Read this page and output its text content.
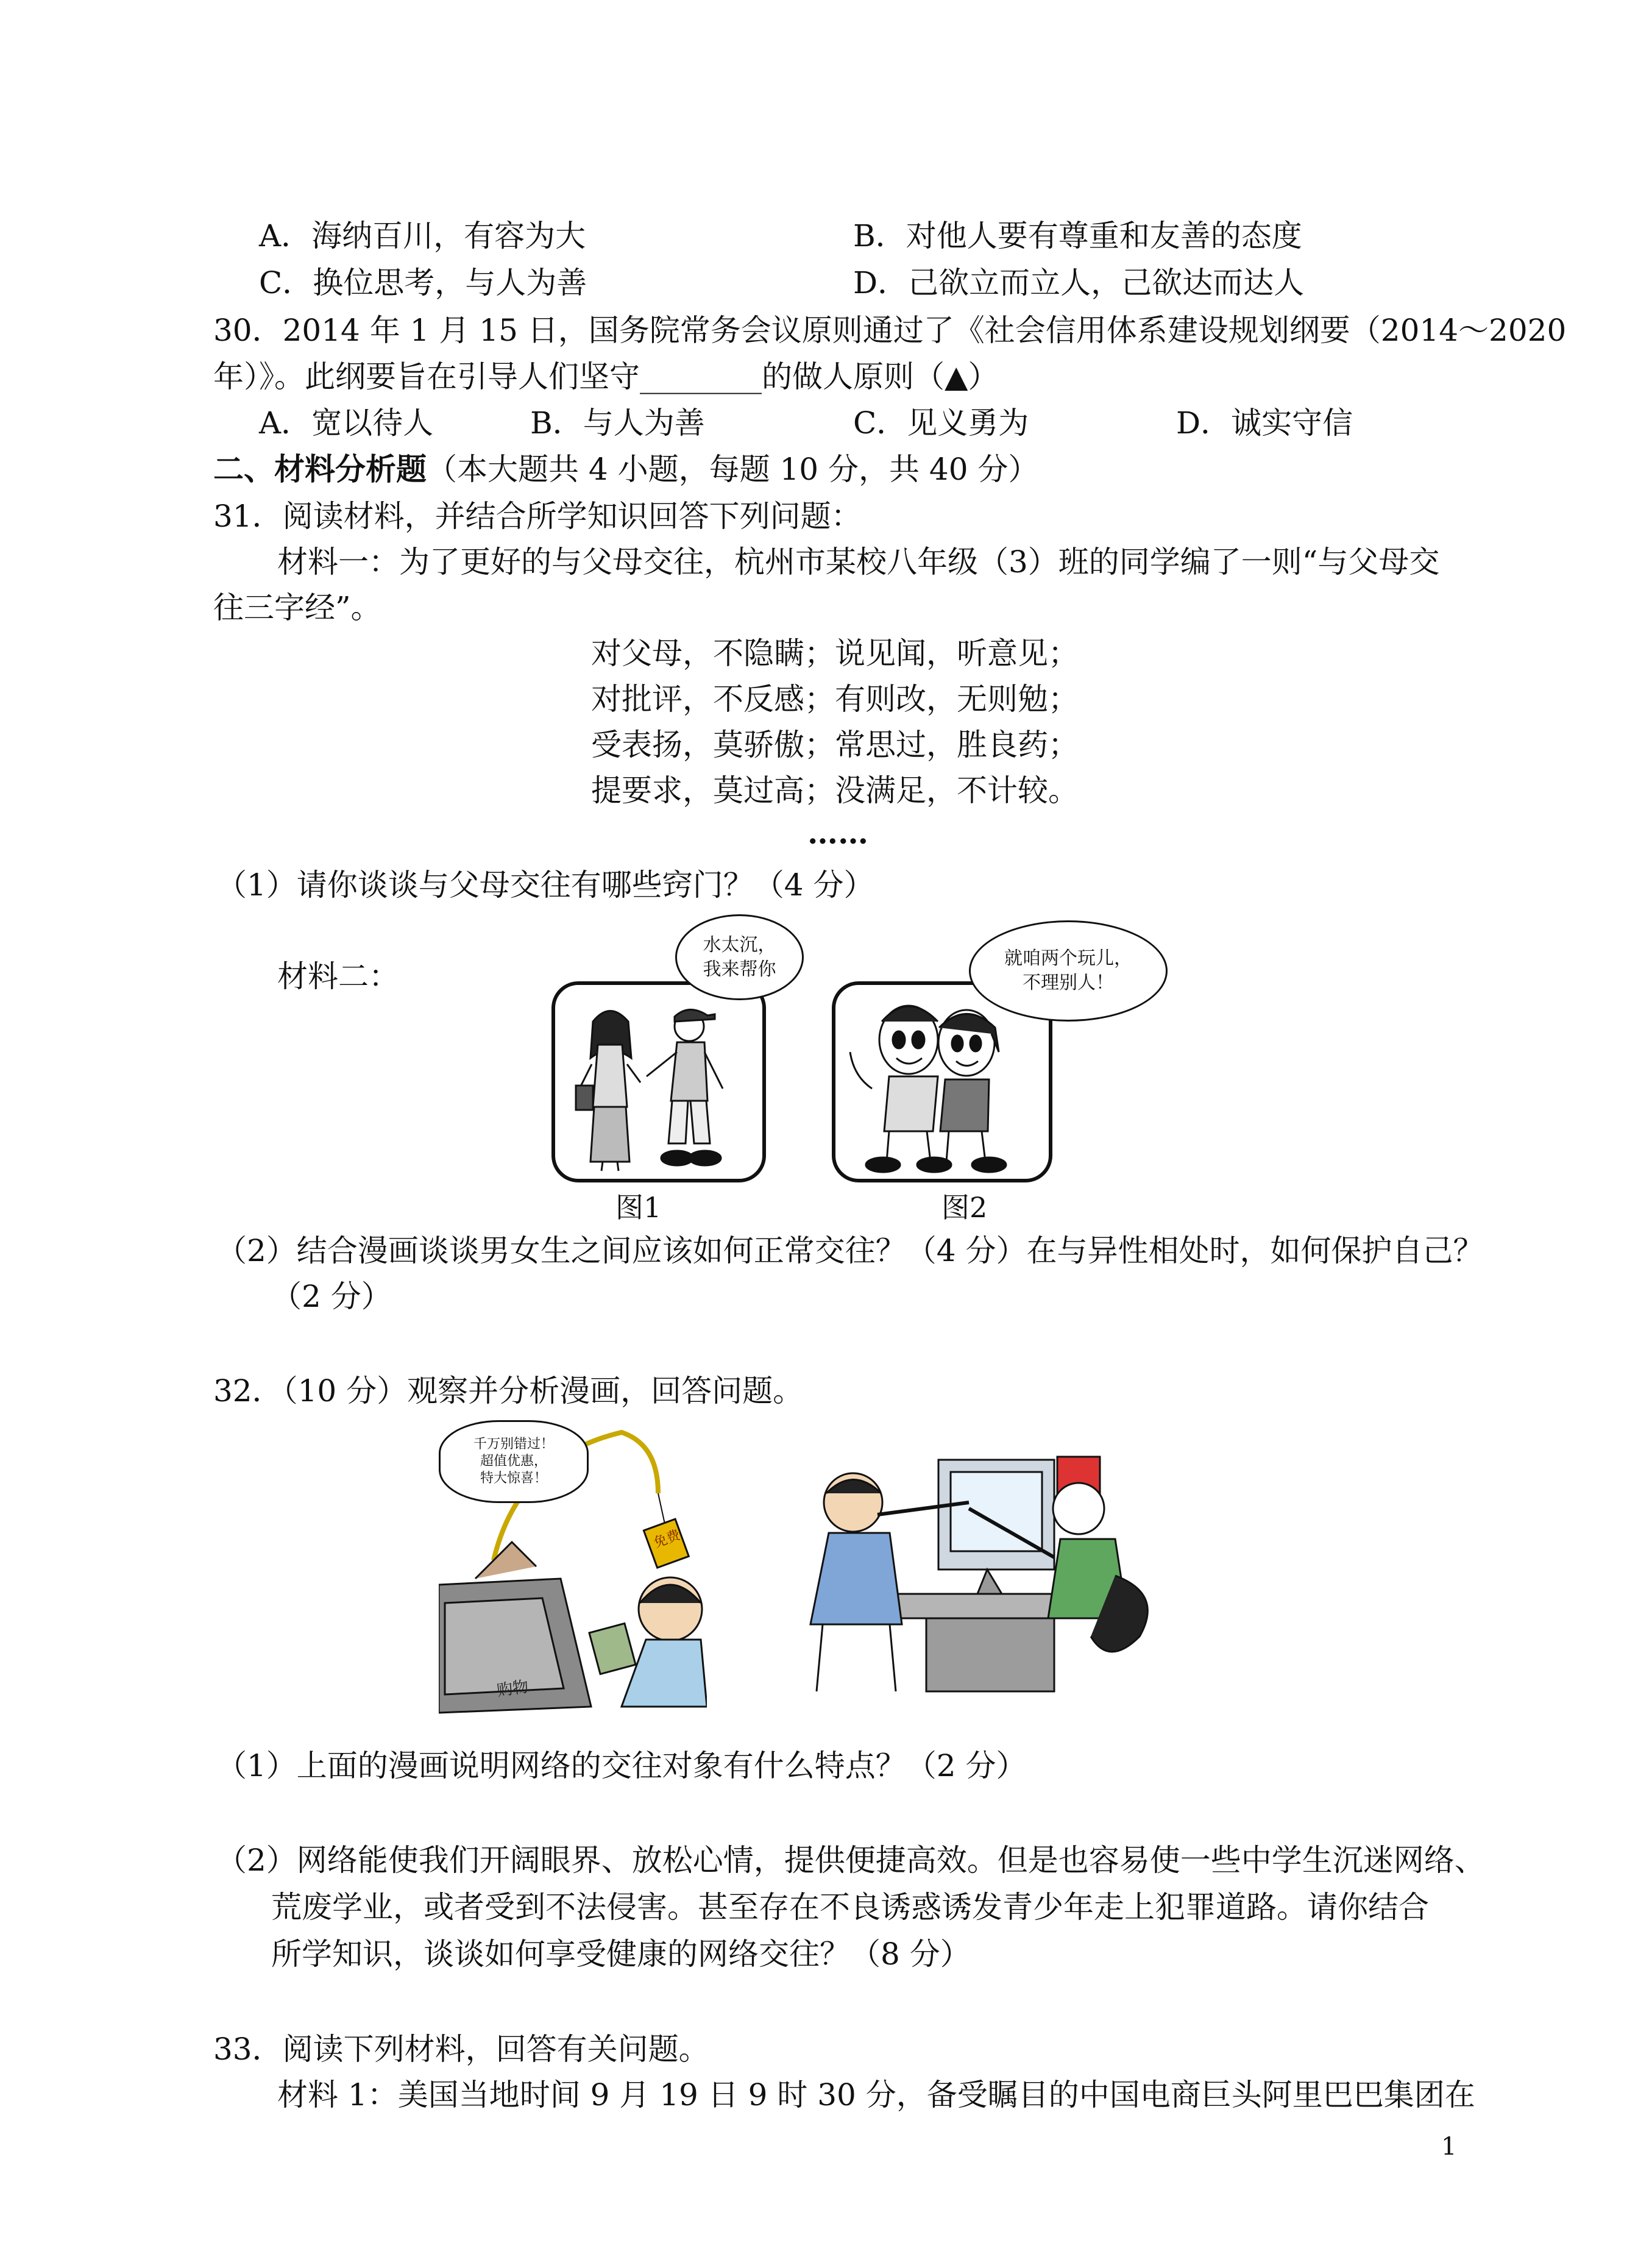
A．海纳百川，有容为大	B．对他人要有尊重和友善的态度
C．换位思考，与人为善	D．己欲立而立人，己欲达而达人
30．2014 年 1 月 15 日，国务院常务会议原则通过了《社会信用体系建设规划纲要（2014～2020
年）》。此纲要旨在引导人们坚守________的做人原则（▲）
A．宽以待人	B．与人为善	C．见义勇为	D．诚实守信
二、材料分析题（本大题共 4 小题，每题 10 分，共 40 分）
31．阅读材料，并结合所学知识回答下列问题：
材料一：为了更好的与父母交往，杭州市某校八年级（3）班的同学编了一则“与父母交
往三字经”。
对父母，不隐瞒；说见闻，听意见；
对批评，不反感；有则改，无则勉；
受表扬，莫骄傲；常思过，胜良药；
提要求，莫过高；没满足，不计较。
……
（1）请你谈谈与父母交往有哪些窍门？（4 分）
材料二：
水太沉，
我来帮你
图1
就咱两个玩儿，
不理别人！
图2
（2）结合漫画谈谈男女生之间应该如何正常交往？（4 分）在与异性相处时，如何保护自己？
（2 分）
32．（10 分）观察并分析漫画，回答问题。
千万别错过！
超值优惠，
特大惊喜！
免费
购物
（1）上面的漫画说明网络的交往对象有什么特点？（2 分）
（2）网络能使我们开阔眼界、放松心情，提供便捷高效。但是也容易使一些中学生沉迷网络、
荒废学业，或者受到不法侵害。甚至存在不良诱惑诱发青少年走上犯罪道路。请你结合
所学知识，谈谈如何享受健康的网络交往？（8 分）
33．阅读下列材料，回答有关问题。
材料 1：美国当地时间 9 月 19 日 9 时 30 分，备受瞩目的中国电商巨头阿里巴巴集团在
1
